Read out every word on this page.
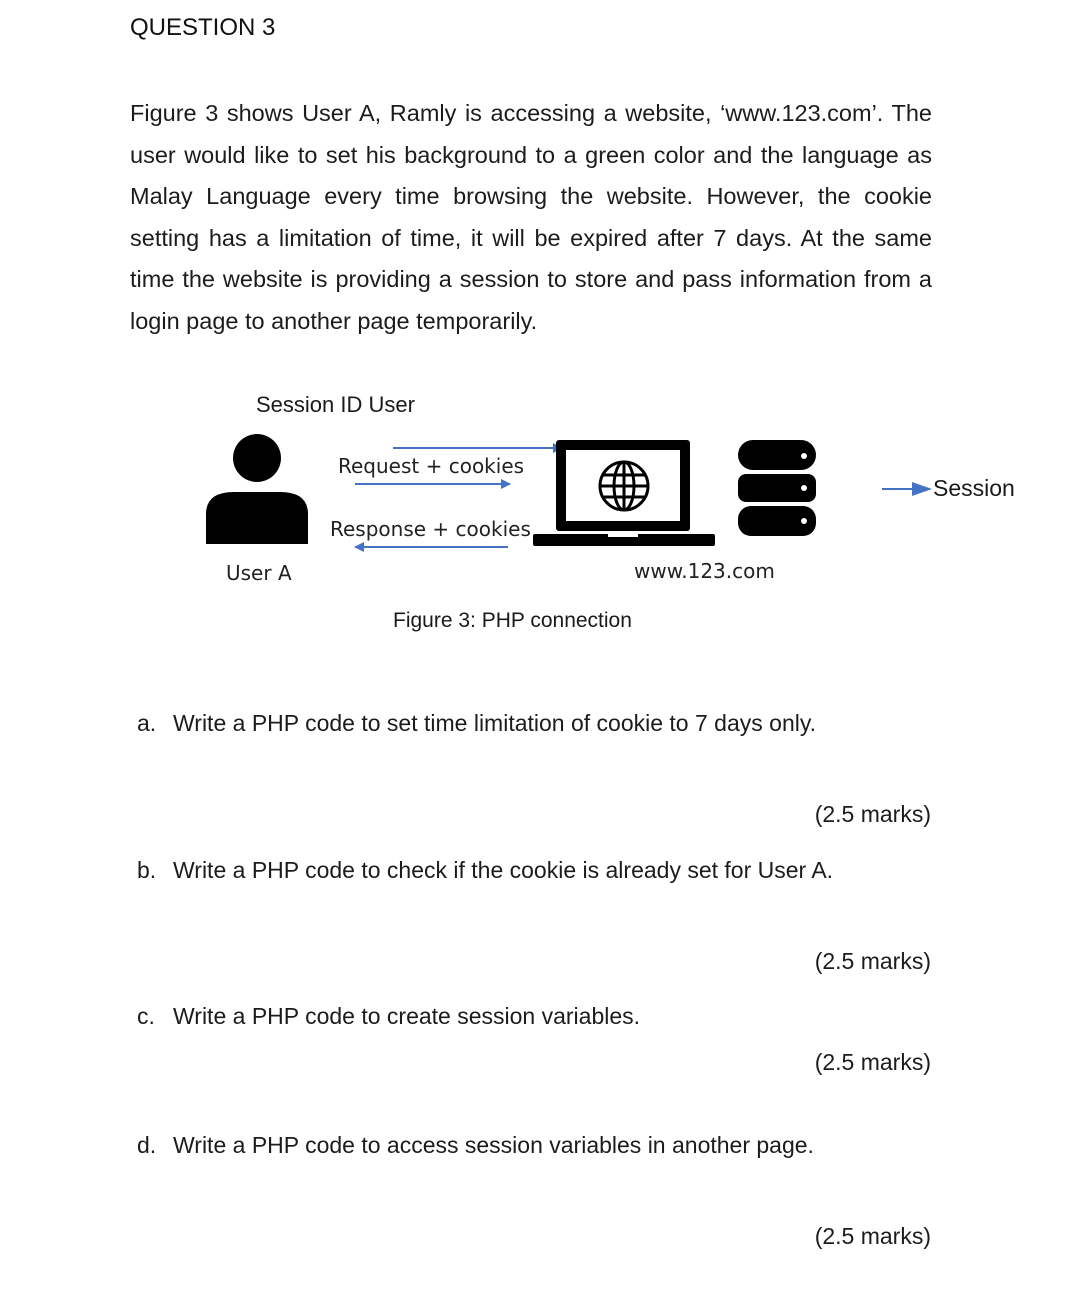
QUESTION 3

Figure 3 shows User A, Ramly is accessing a website, ‘www.123.com’. The user would like to set his background to a green color and the language as Malay Language every time browsing the website. However, the cookie setting has a limitation of time, it will be expired after 7 days. At the same time the website is providing a session to store and pass information from a login page to another page temporarily.

Session ID User
Request + cookies
Response + cookies
Session
User A	www.123.com
Figure 3: PHP connection
a. Write a PHP code to set time limitation of cookie to 7 days only.
(2.5 marks)
b. Write a PHP code to check if the cookie is already set for User A.
(2.5 marks)
c. Write a PHP code to create session variables.
(2.5 marks)
d. Write a PHP code to access session variables in another page.
(2.5 marks)
